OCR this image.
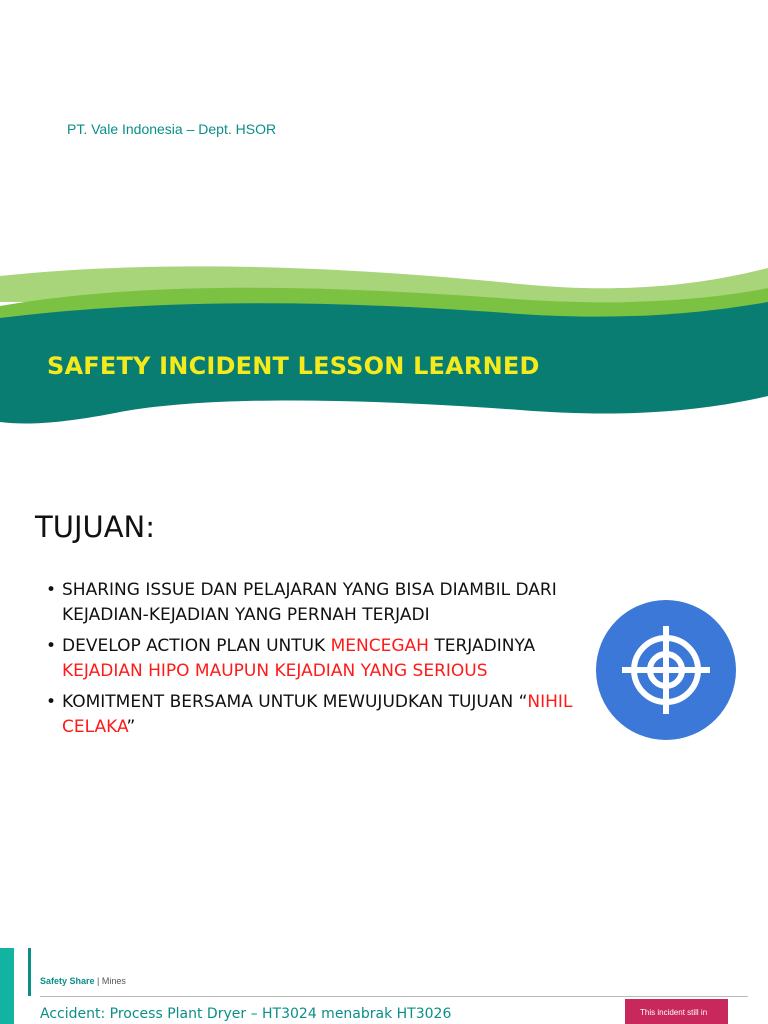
PT. Vale Indonesia – Dept. HSOR
SAFETY INCIDENT LESSON LEARNED
TUJUAN:
• SHARING ISSUE DAN PELAJARAN YANG BISA DIAMBIL DARI KEJADIAN-KEJADIAN YANG PERNAH TERJADI
• DEVELOP ACTION PLAN UNTUK MENCEGAH TERJADINYA KEJADIAN HIPO MAUPUN KEJADIAN YANG SERIOUS
• KOMITMENT BERSAMA UNTUK MEWUJUDKAN TUJUAN “NIHIL CELAKA”
Safety Share | Mines
Accident: Process Plant Dryer – HT3024 menabrak HT3026	This incident still in
